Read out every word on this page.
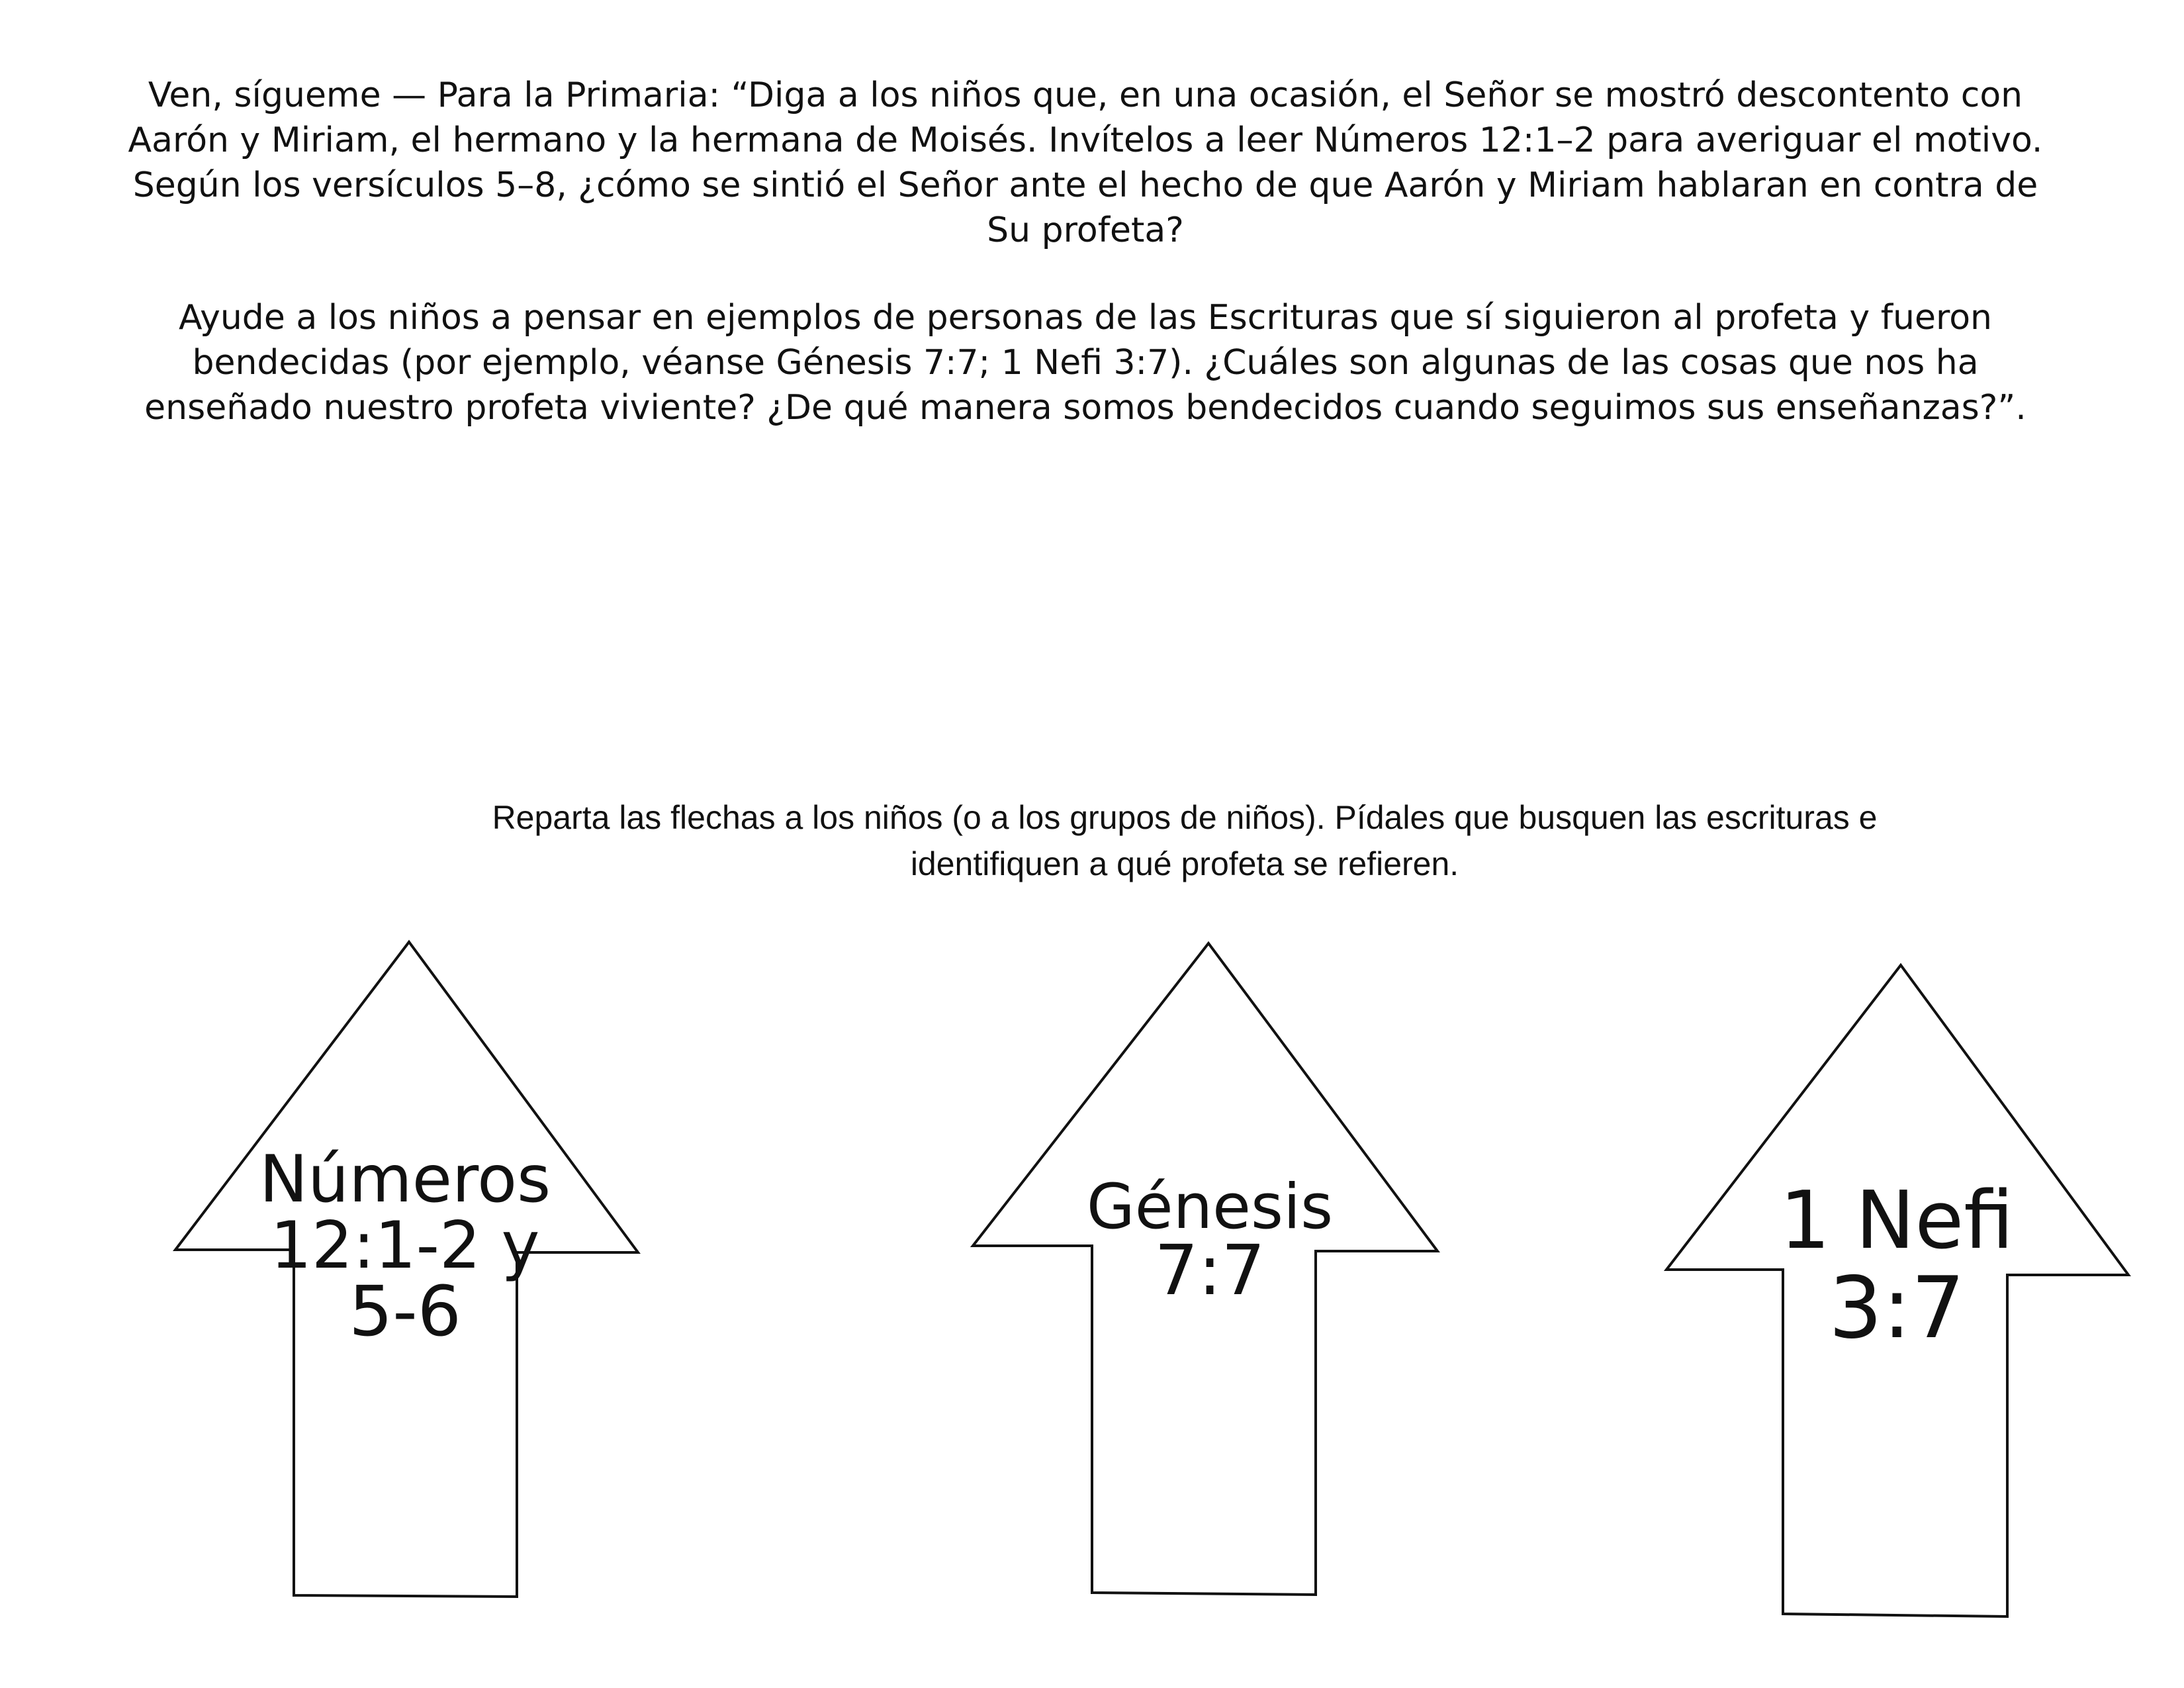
Ven, sígueme — Para la Primaria: “Diga a los niños que, en una ocasión, el Señor se mostró descontento con Aarón y Miriam, el hermano y la hermana de Moisés. Invítelos a leer Números 12:1–2 para averiguar el motivo. Según los versículos 5–8, ¿cómo se sintió el Señor ante el hecho de que Aarón y Miriam hablaran en contra de Su profeta?

Ayude a los niños a pensar en ejemplos de personas de las Escrituras que sí siguieron al profeta y fueron bendecidas (por ejemplo, véanse Génesis 7:7; 1 Nefi 3:7). ¿Cuáles son algunas de las cosas que nos ha enseñado nuestro profeta viviente? ¿De qué manera somos bendecidos cuando seguimos sus enseñanzas?”.

Reparta las flechas a los niños (o a los grupos de niños). Pídales que busquen las escrituras e
identifiquen a qué profeta se refieren.
Números
12:1-2 y
5-6
Génesis
7:7
1 Nefi
3:7
